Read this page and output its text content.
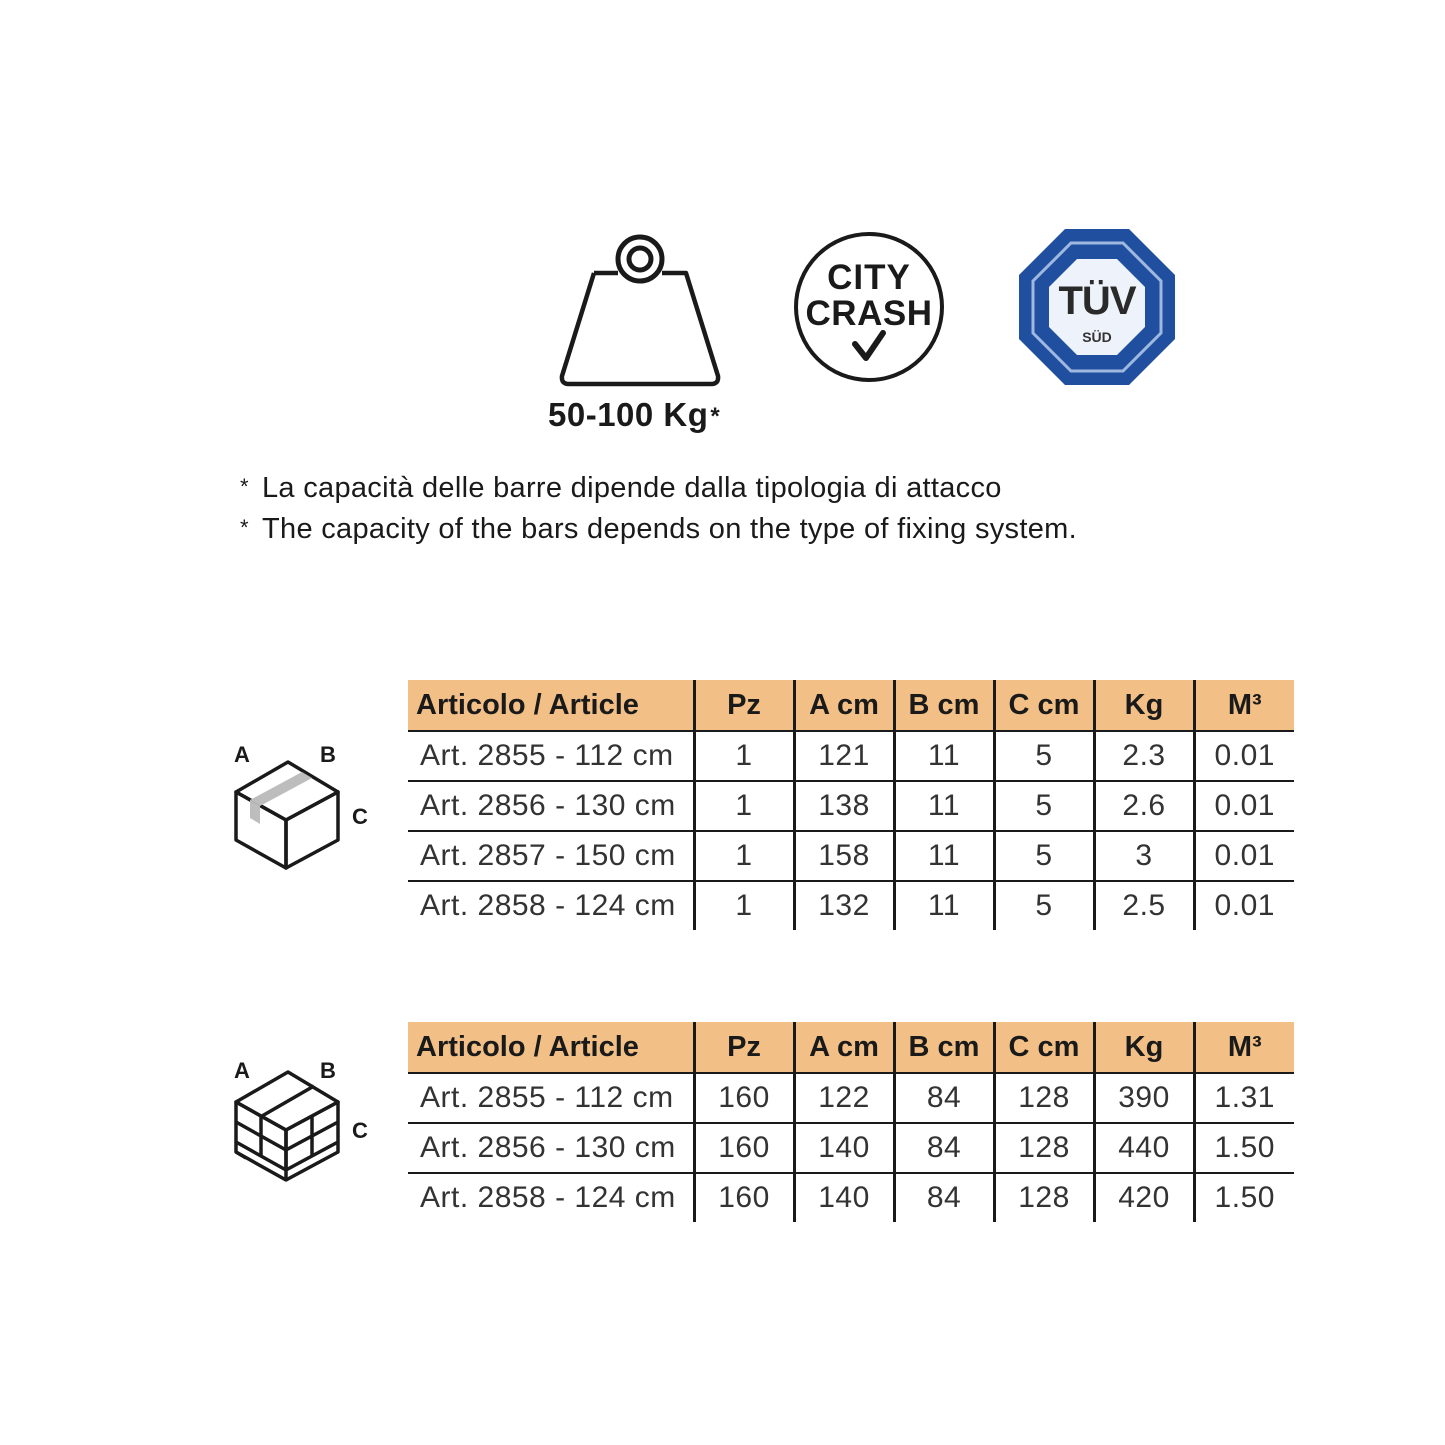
50-100 Kg*
CITY
CRASH	TÜV
SÜD
* La capacità delle barre dipende dalla tipologia di attacco
* The capacity of the bars depends on the type of fixing system.
A	B
C
A	B
C
Articolo / Article	Pz	A cm	B cm	C cm	Kg	M³
Art. 2855 - 112 cm	1	121	11	5	2.3	0.01
Art. 2856 - 130 cm	1	138	11	5	2.6	0.01
Art. 2857 - 150 cm	1	158	11	5	3	0.01
Art. 2858 - 124 cm	1	132	11	5	2.5	0.01
Articolo / Article	Pz	A cm	B cm	C cm	Kg	M³
Art. 2855 - 112 cm	160	122	84	128	390	1.31
Art. 2856 - 130 cm	160	140	84	128	440	1.50
Art. 2858 - 124 cm	160	140	84	128	420	1.50
